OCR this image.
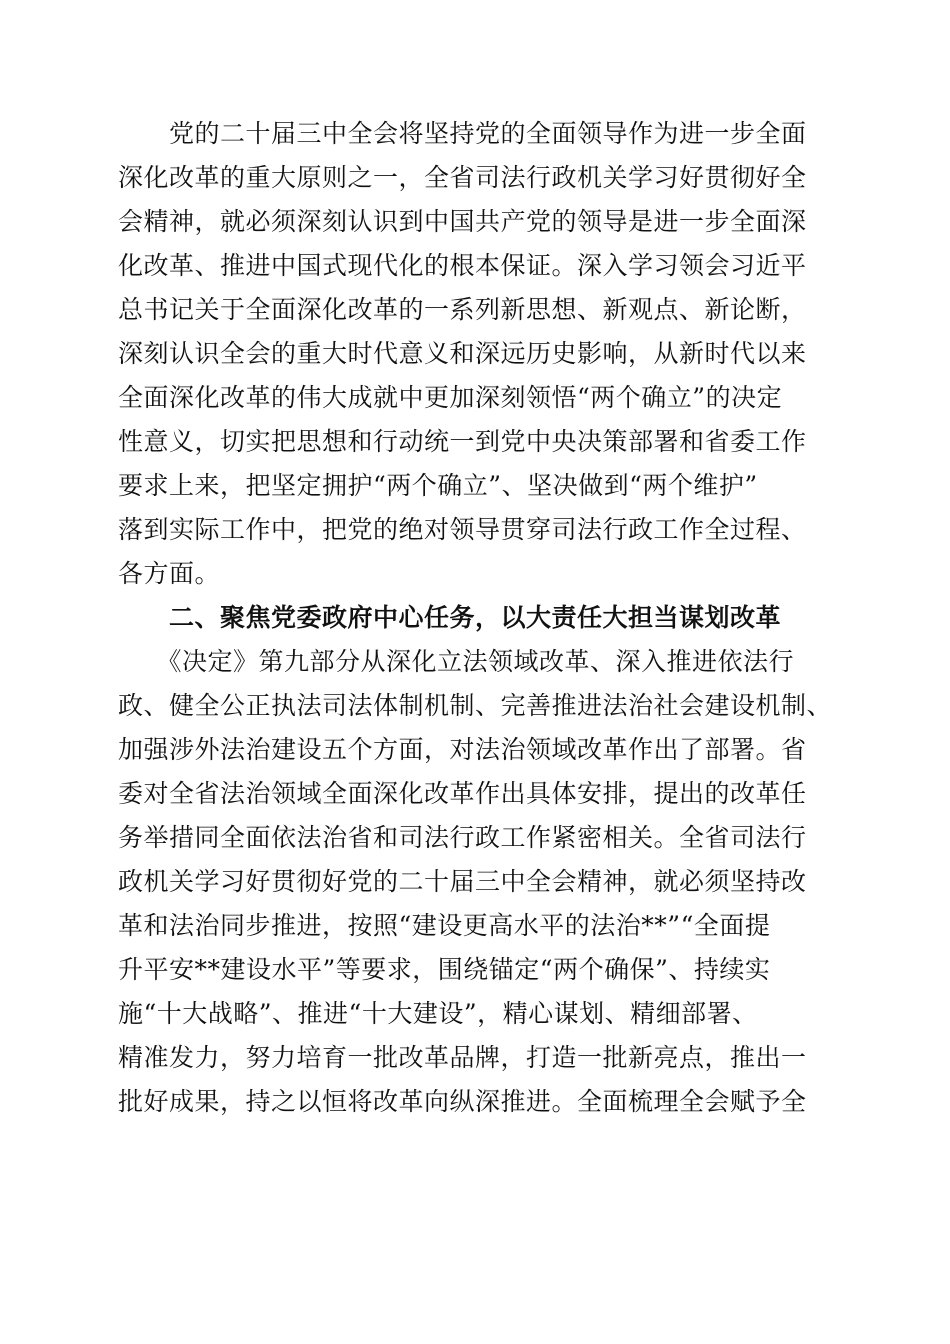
　　党的二十届三中全会将坚持党的全面领导作为进一步全面
深化改革的重大原则之一，全省司法行政机关学习好贯彻好全
会精神，就必须深刻认识到中国共产党的领导是进一步全面深
化改革、推进中国式现代化的根本保证。深入学习领会习近平
总书记关于全面深化改革的一系列新思想、新观点、新论断，
深刻认识全会的重大时代意义和深远历史影响，从新时代以来
全面深化改革的伟大成就中更加深刻领悟“两个确立”的决定
性意义，切实把思想和行动统一到党中央决策部署和省委工作
要求上来，把坚定拥护“两个确立”、坚决做到“两个维护”
落到实际工作中，把党的绝对领导贯穿司法行政工作全过程、
各方面。
　　二、聚焦党委政府中心任务，以大责任大担当谋划改革
　　《决定》第九部分从深化立法领域改革、深入推进依法行
政、健全公正执法司法体制机制、完善推进法治社会建设机制、
加强涉外法治建设五个方面，对法治领域改革作出了部署。省
委对全省法治领域全面深化改革作出具体安排，提出的改革任
务举措同全面依法治省和司法行政工作紧密相关。全省司法行
政机关学习好贯彻好党的二十届三中全会精神，就必须坚持改
革和法治同步推进，按照“建设更高水平的法治**”“全面提
升平安**建设水平”等要求，围绕锚定“两个确保”、持续实
施“十大战略”、推进“十大建设”，精心谋划、精细部署、
精准发力，努力培育一批改革品牌，打造一批新亮点，推出一
批好成果，持之以恒将改革向纵深推进。全面梳理全会赋予全
